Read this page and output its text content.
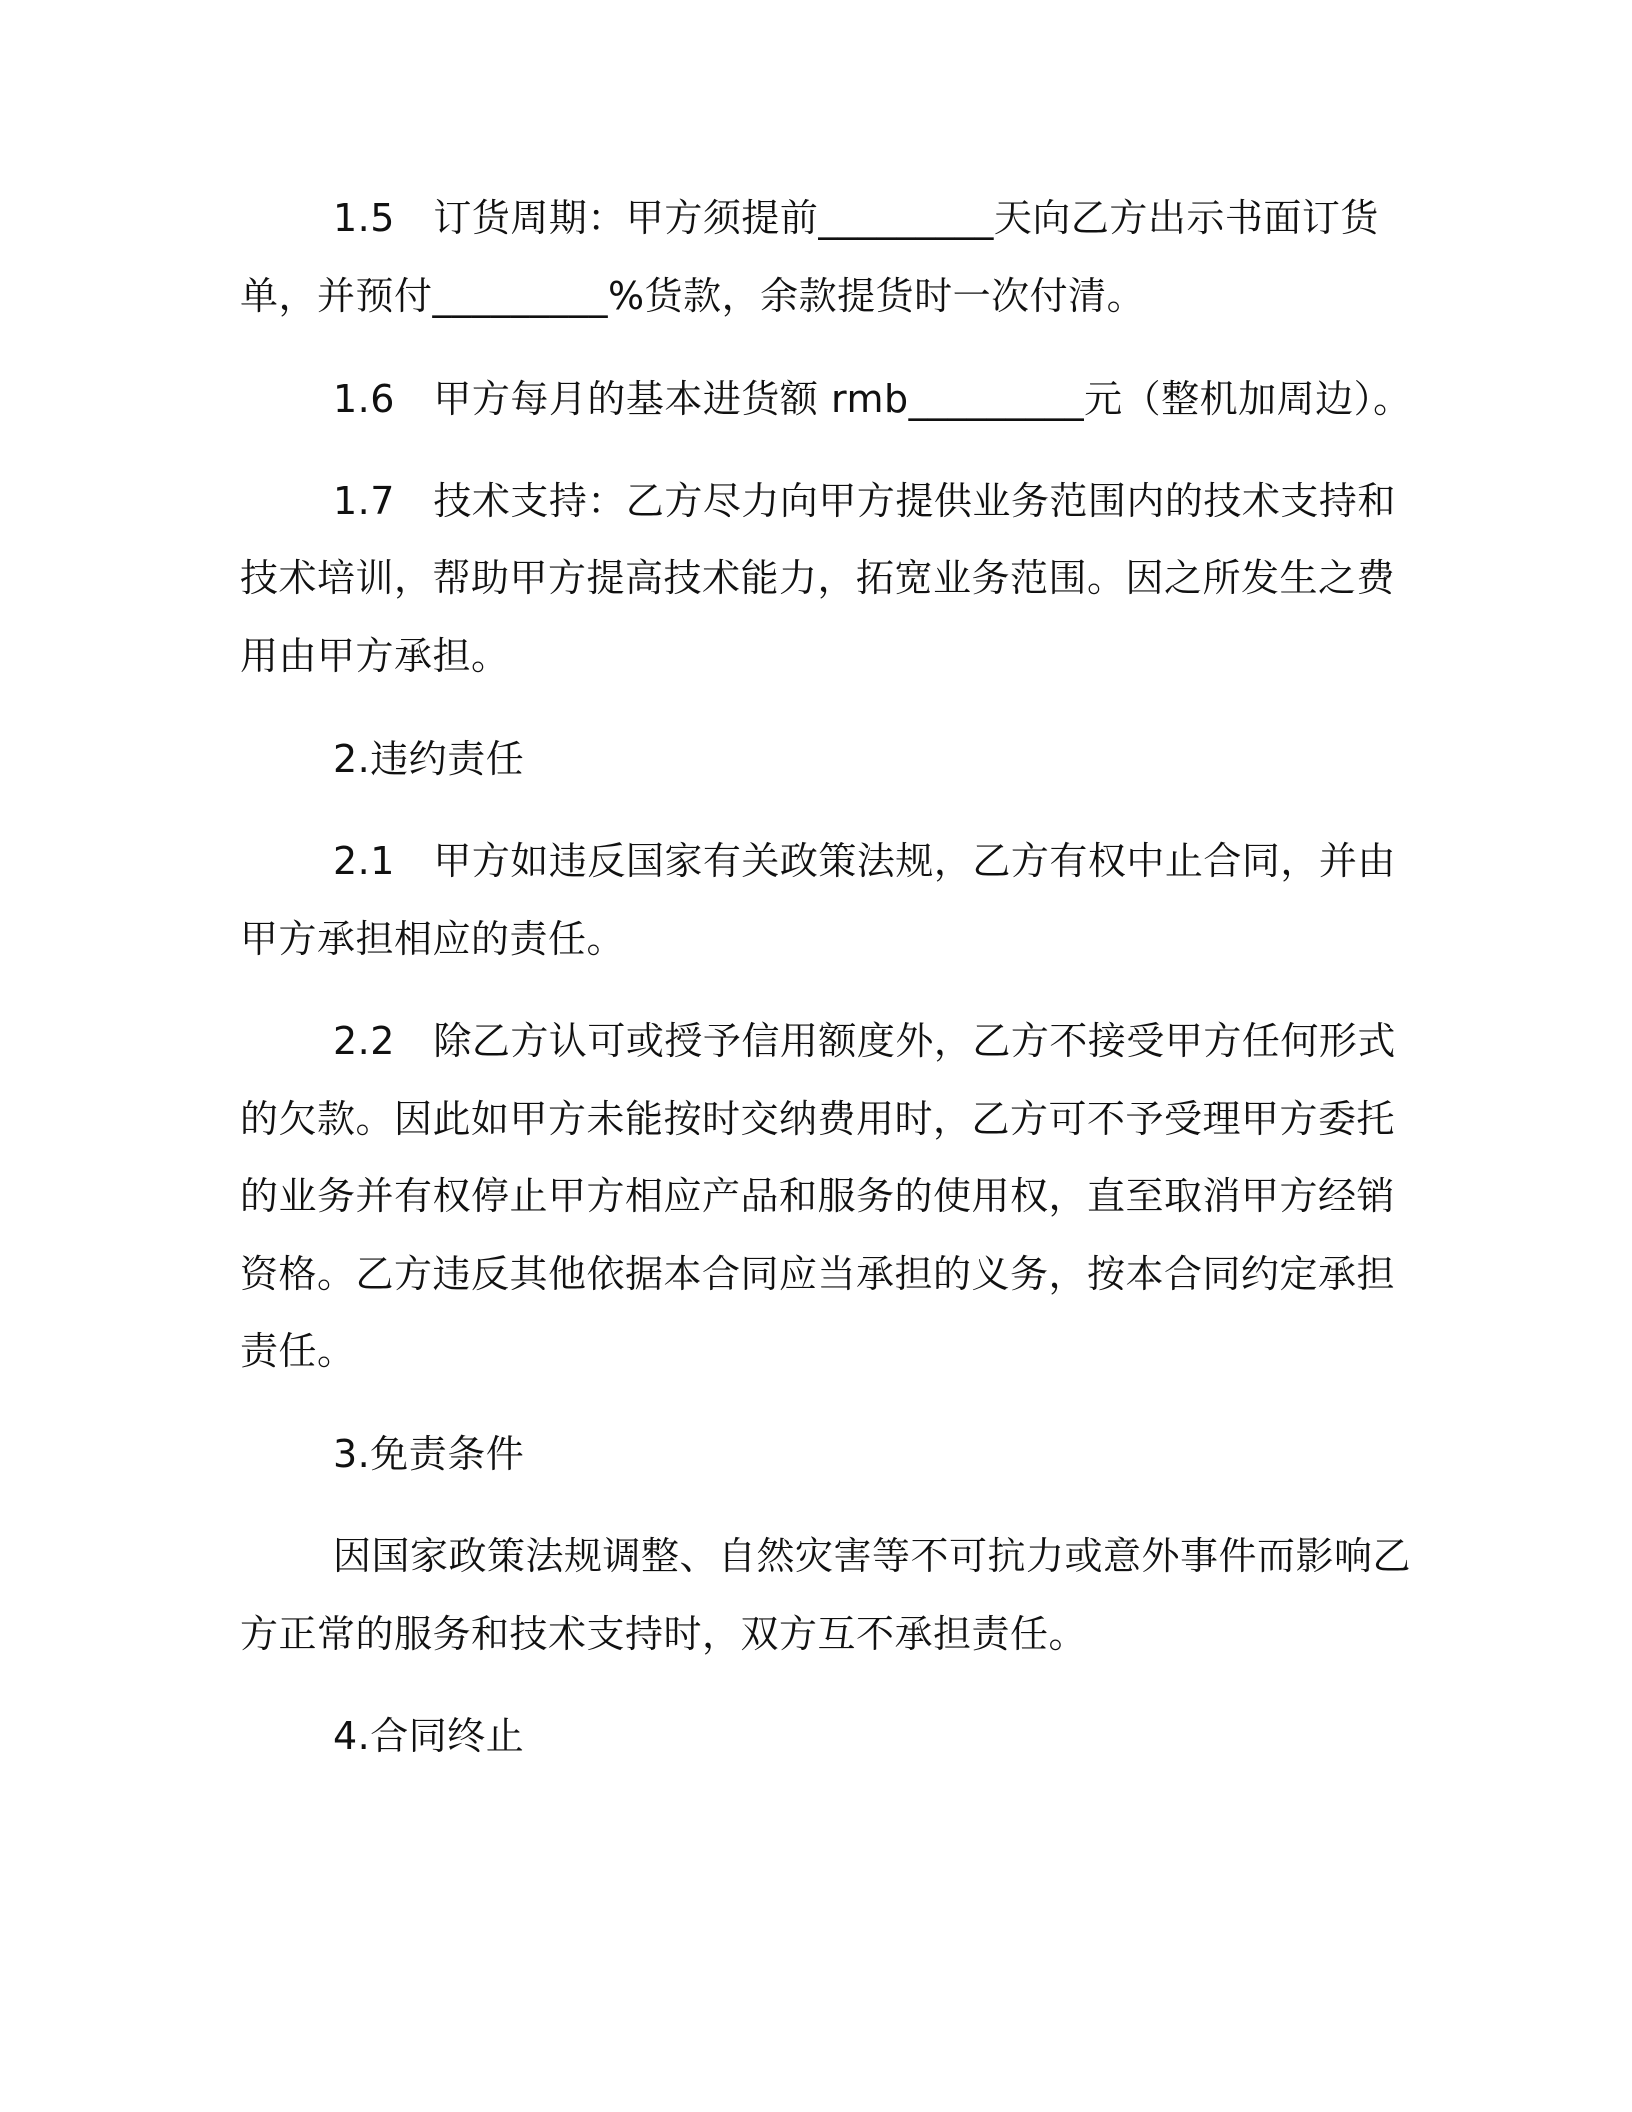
1.5　订货周期：甲方须提前_________天向乙方出示书面订货
单，并预付_________%货款，余款提货时一次付清。
1.6　甲方每月的基本进货额 rmb_________元（整机加周边）。
1.7　技术支持：乙方尽力向甲方提供业务范围内的技术支持和
技术培训，帮助甲方提高技术能力，拓宽业务范围。因之所发生之费
用由甲方承担。
2.违约责任
2.1　甲方如违反国家有关政策法规，乙方有权中止合同，并由
甲方承担相应的责任。
2.2　除乙方认可或授予信用额度外，乙方不接受甲方任何形式
的欠款。因此如甲方未能按时交纳费用时，乙方可不予受理甲方委托
的业务并有权停止甲方相应产品和服务的使用权，直至取消甲方经销
资格。乙方违反其他依据本合同应当承担的义务，按本合同约定承担
责任。
3.免责条件
因国家政策法规调整、自然灾害等不可抗力或意外事件而影响乙
方正常的服务和技术支持时，双方互不承担责任。
4.合同终止
